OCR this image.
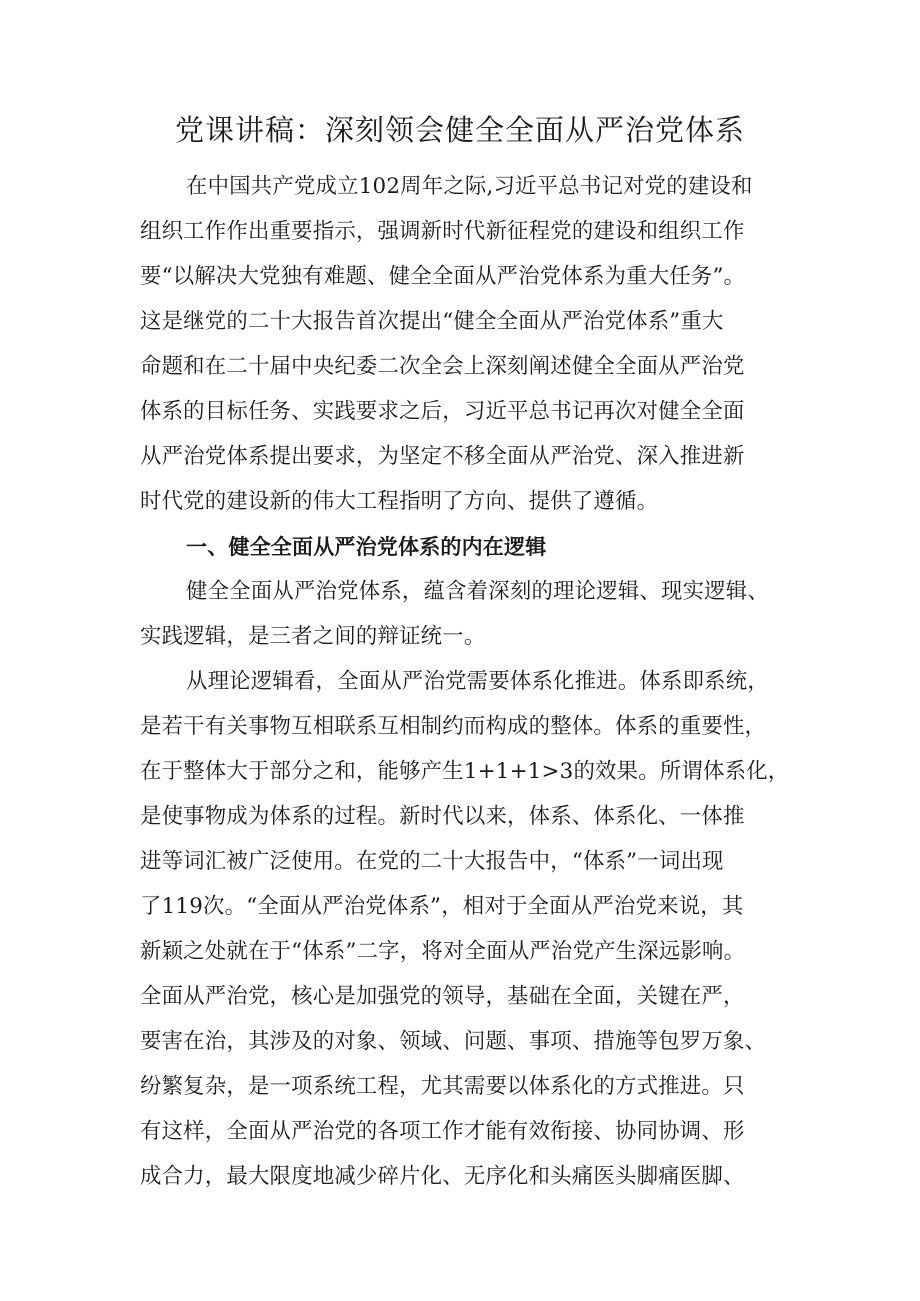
党课讲稿：深刻领会健全全面从严治党体系
在中国共产党成立102周年之际,习近平总书记对党的建设和
组织工作作出重要指示，强调新时代新征程党的建设和组织工作
要“以解决大党独有难题、健全全面从严治党体系为重大任务”。
这是继党的二十大报告首次提出“健全全面从严治党体系”重大
命题和在二十届中央纪委二次全会上深刻阐述健全全面从严治党
体系的目标任务、实践要求之后，习近平总书记再次对健全全面
从严治党体系提出要求，为坚定不移全面从严治党、深入推进新
时代党的建设新的伟大工程指明了方向、提供了遵循。
一、健全全面从严治党体系的内在逻辑
健全全面从严治党体系，蕴含着深刻的理论逻辑、现实逻辑、
实践逻辑，是三者之间的辩证统一。
从理论逻辑看，全面从严治党需要体系化推进。体系即系统，
是若干有关事物互相联系互相制约而构成的整体。体系的重要性，
在于整体大于部分之和，能够产生1+1+1>3的效果。所谓体系化，
是使事物成为体系的过程。新时代以来，体系、体系化、一体推
进等词汇被广泛使用。在党的二十大报告中，“体系”一词出现
了119次。“全面从严治党体系”，相对于全面从严治党来说，其
新颖之处就在于“体系”二字，将对全面从严治党产生深远影响。
全面从严治党，核心是加强党的领导，基础在全面，关键在严，
要害在治，其涉及的对象、领域、问题、事项、措施等包罗万象、
纷繁复杂，是一项系统工程，尤其需要以体系化的方式推进。只
有这样，全面从严治党的各项工作才能有效衔接、协同协调、形
成合力，最大限度地减少碎片化、无序化和头痛医头脚痛医脚、
